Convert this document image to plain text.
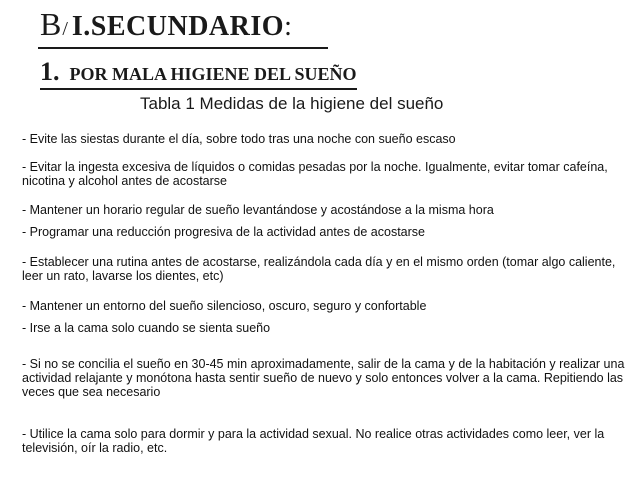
B/ I.SECUNDARIO:
1. POR MALA HIGIENE DEL SUEÑO
Tabla 1 Medidas de la higiene del sueño
- Evite las siestas durante el día, sobre todo tras una noche con sueño escaso
- Evitar la ingesta excesiva de líquidos o comidas pesadas por la noche. Igualmente, evitar tomar cafeína, nicotina y alcohol antes de acostarse
- Mantener un horario regular de sueño levantándose y acostándose a la misma hora
- Programar una reducción progresiva de la actividad antes de acostarse
- Establecer una rutina antes de acostarse, realizándola cada día y en el mismo orden (tomar algo caliente, leer un rato, lavarse los dientes, etc)
- Mantener un entorno del sueño silencioso, oscuro, seguro y confortable
- Irse a la cama solo cuando se sienta sueño
- Si no se concilia el sueño en 30-45 min aproximadamente, salir de la cama y de la habitación y realizar una actividad relajante y monótona hasta sentir sueño de nuevo y solo entonces volver a la cama. Repitiendo las veces que sea necesario
- Utilice la cama solo para dormir y para la actividad sexual. No realice otras actividades como leer, ver la televisión, oír la radio, etc.
